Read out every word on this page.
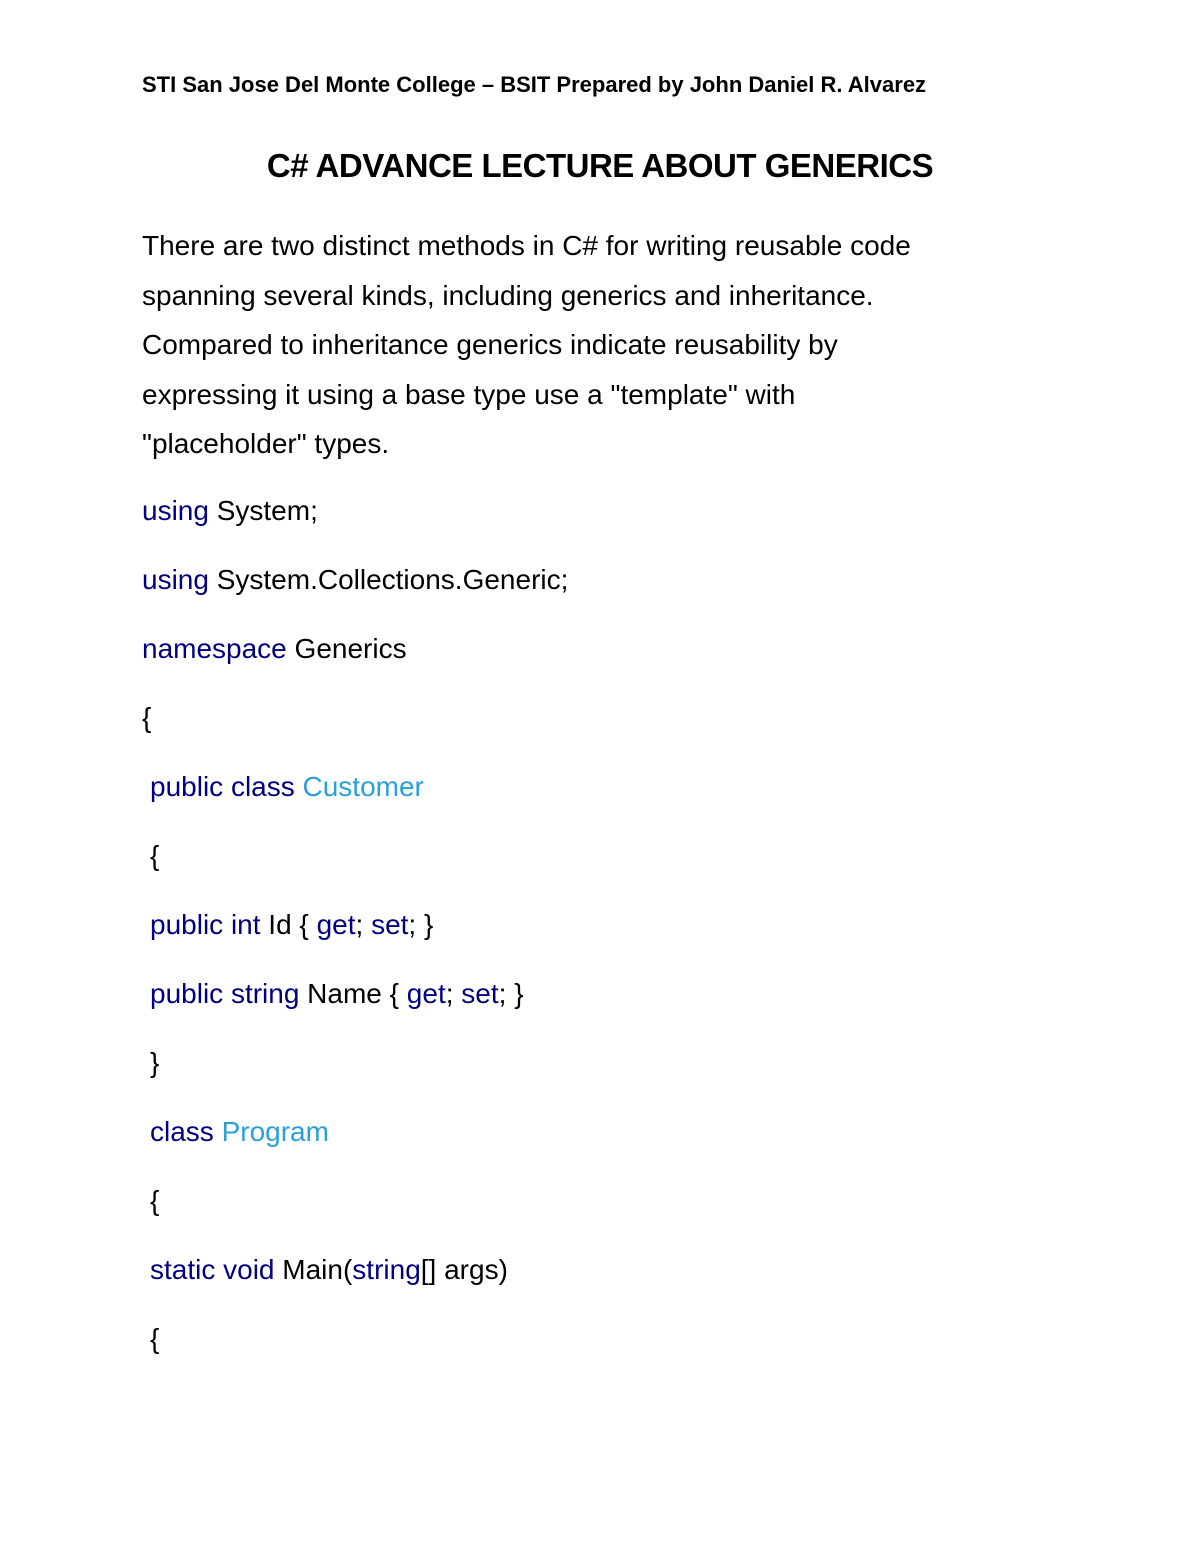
STI San Jose Del Monte College – BSIT Prepared by John Daniel R. Alvarez
C# ADVANCE LECTURE ABOUT GENERICS

There are two distinct methods in C# for writing reusable code
spanning several kinds, including generics and inheritance.
Compared to inheritance generics indicate reusability by
expressing it using a base type use a "template" with
"placeholder" types.

using System;
using System.Collections.Generic;
namespace Generics
{
public class Customer
{
public int Id { get; set; }
public string Name { get; set; }
}
class Program
{
static void Main(string[] args)
{
